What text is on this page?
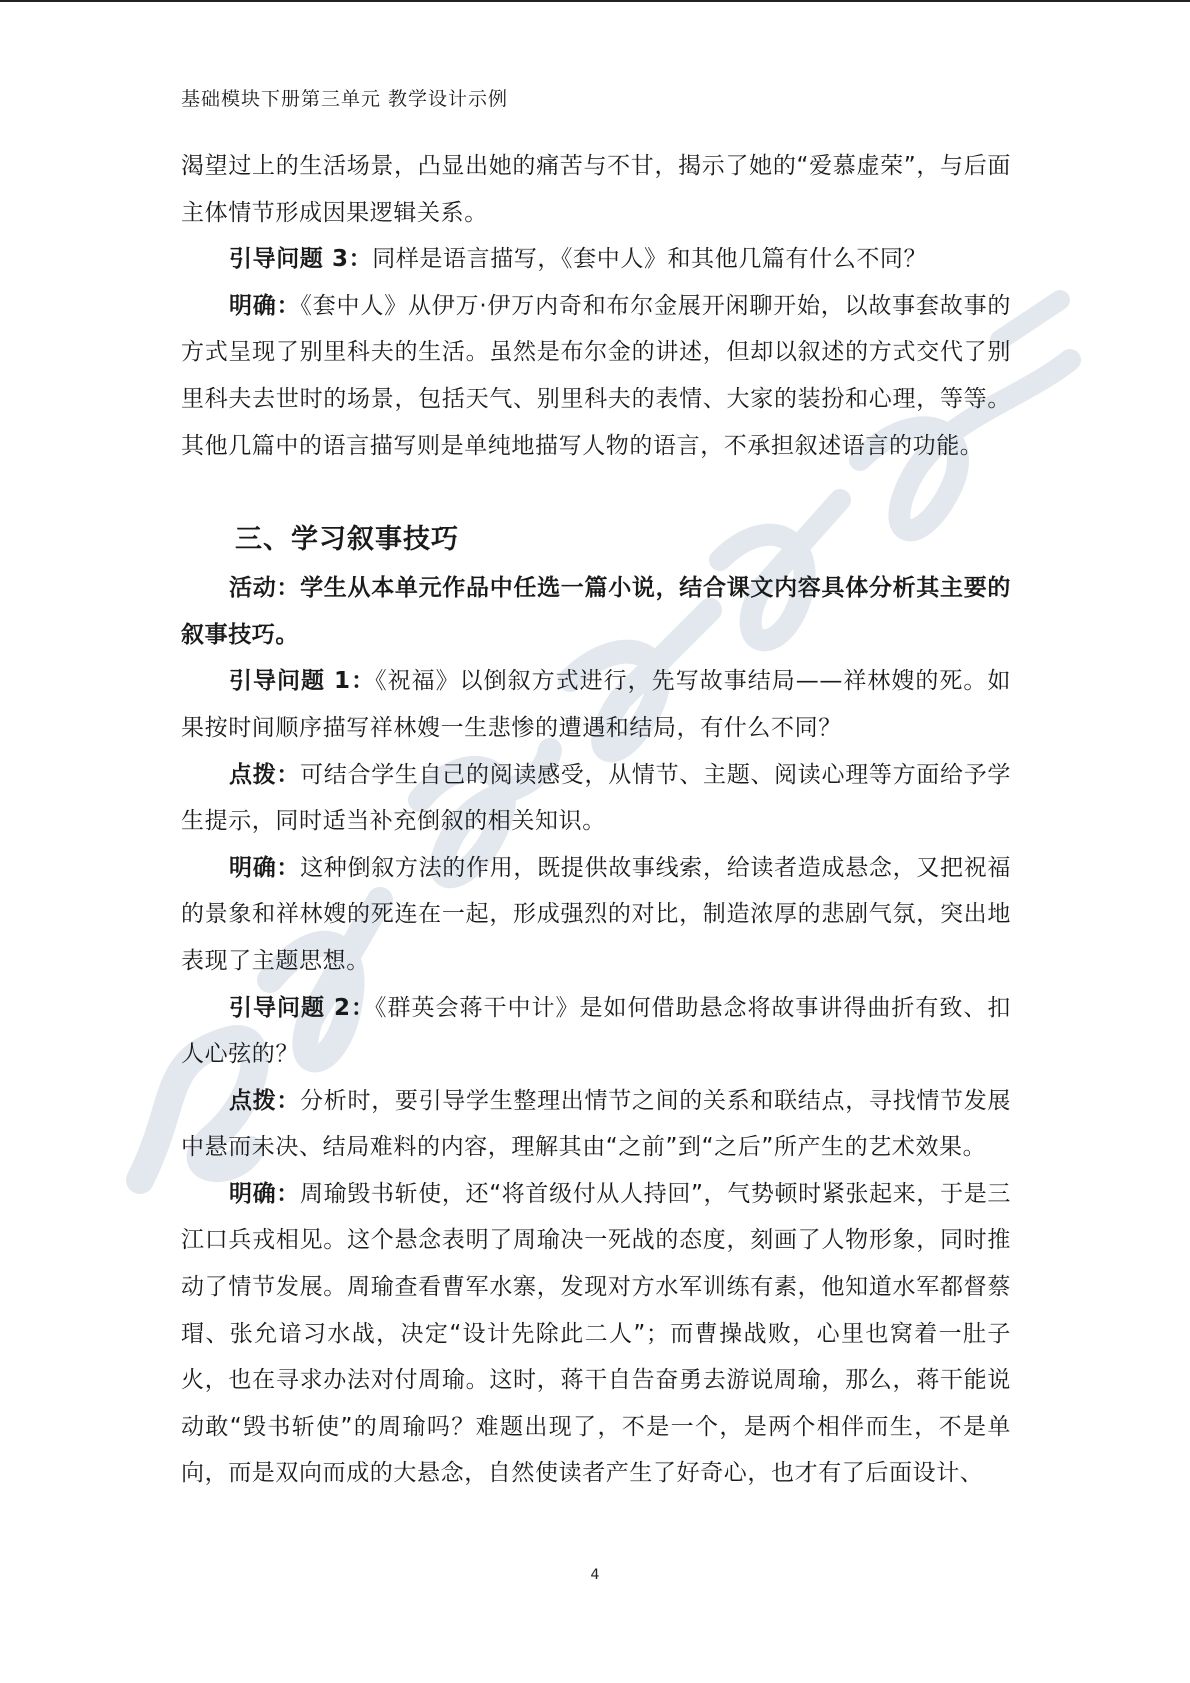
基础模块下册第三单元 教学设计示例

渴望过上的生活场景，凸显出她的痛苦与不甘，揭示了她的“爱慕虚荣”，与后面主体情节形成因果逻辑关系。

引导问题 3：同样是语言描写，《套中人》和其他几篇有什么不同？

明确：《套中人》从伊万·伊万内奇和布尔金展开闲聊开始，以故事套故事的方式呈现了别里科夫的生活。虽然是布尔金的讲述，但却以叙述的方式交代了别里科夫去世时的场景，包括天气、别里科夫的表情、大家的装扮和心理，等等。其他几篇中的语言描写则是单纯地描写人物的语言，不承担叙述语言的功能。

三、学习叙事技巧

活动：学生从本单元作品中任选一篇小说，结合课文内容具体分析其主要的叙事技巧。

引导问题 1：《祝福》以倒叙方式进行，先写故事结局——祥林嫂的死。如果按时间顺序描写祥林嫂一生悲惨的遭遇和结局，有什么不同？

点拨：可结合学生自己的阅读感受，从情节、主题、阅读心理等方面给予学生提示，同时适当补充倒叙的相关知识。

明确：这种倒叙方法的作用，既提供故事线索，给读者造成悬念，又把祝福的景象和祥林嫂的死连在一起，形成强烈的对比，制造浓厚的悲剧气氛，突出地表现了主题思想。

引导问题 2：《群英会蒋干中计》是如何借助悬念将故事讲得曲折有致、扣人心弦的？

点拨：分析时，要引导学生整理出情节之间的关系和联结点，寻找情节发展中悬而未决、结局难料的内容，理解其由“之前”到“之后”所产生的艺术效果。

明确：周瑜毁书斩使，还“将首级付从人持回”，气势顿时紧张起来，于是三江口兵戎相见。这个悬念表明了周瑜决一死战的态度，刻画了人物形象，同时推动了情节发展。周瑜查看曹军水寨，发现对方水军训练有素，他知道水军都督蔡瑁、张允谙习水战，决定“设计先除此二人”；而曹操战败，心里也窝着一肚子火，也在寻求办法对付周瑜。这时，蒋干自告奋勇去游说周瑜，那么，蒋干能说动敢“毁书斩使”的周瑜吗？难题出现了，不是一个，是两个相伴而生，不是单向，而是双向而成的大悬念，自然使读者产生了好奇心，也才有了后面设计、

4
